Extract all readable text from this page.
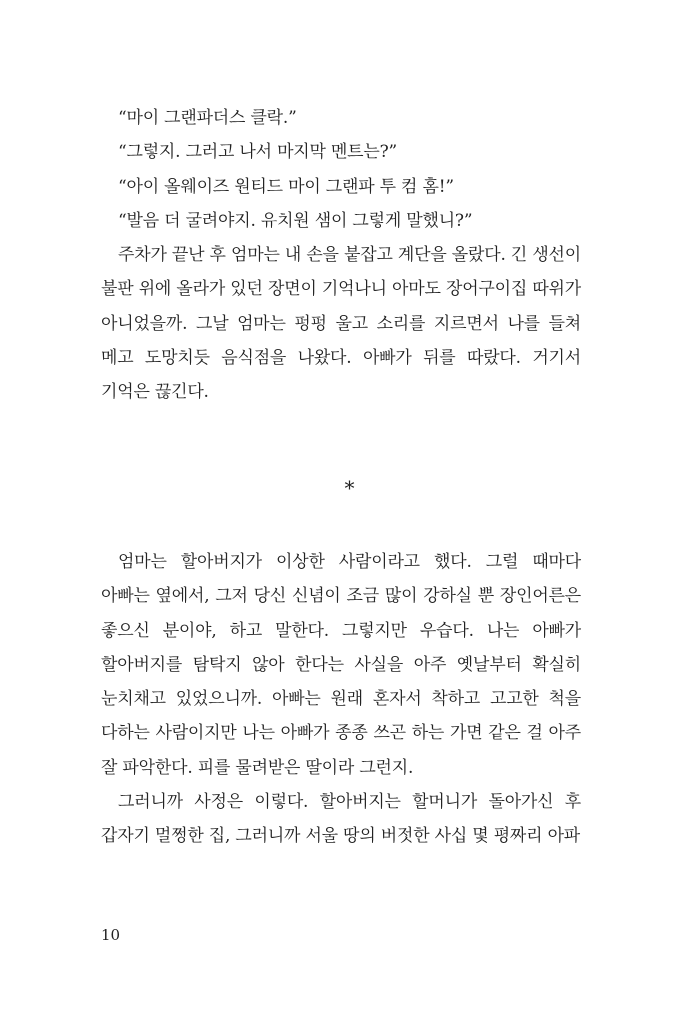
“마이 그랜파더스 클락.”

“그렇지. 그러고 나서 마지막 멘트는?”

“아이 올웨이즈 원티드 마이 그랜파 투 컴 홈!”

“발음 더 굴려야지. 유치원 샘이 그렇게 말했니?”

주차가 끝난 후 엄마는 내 손을 붙잡고 계단을 올랐다. 긴 생선이 불판 위에 올라가 있던 장면이 기억나니 아마도 장어구이집 따위가 아니었을까. 그날 엄마는 펑펑 울고 소리를 지르면서 나를 들쳐 메고 도망치듯 음식점을 나왔다. 아빠가 뒤를 따랐다. 거기서 기억은 끊긴다.

*

엄마는 할아버지가 이상한 사람이라고 했다. 그럴 때마다 아빠는 옆에서, 그저 당신 신념이 조금 많이 강하실 뿐 장인어른은 좋으신 분이야, 하고 말한다. 그렇지만 우습다. 나는 아빠가 할아버지를 탐탁지 않아 한다는 사실을 아주 옛날부터 확실히 눈치채고 있었으니까. 아빠는 원래 혼자서 착하고 고고한 척을 다하는 사람이지만 나는 아빠가 종종 쓰곤 하는 가면 같은 걸 아주 잘 파악한다. 피를 물려받은 딸이라 그런지.

그러니까 사정은 이렇다. 할아버지는 할머니가 돌아가신 후 갑자기 멀쩡한 집, 그러니까 서울 땅의 버젓한 사십 몇 평짜리 아파

10
